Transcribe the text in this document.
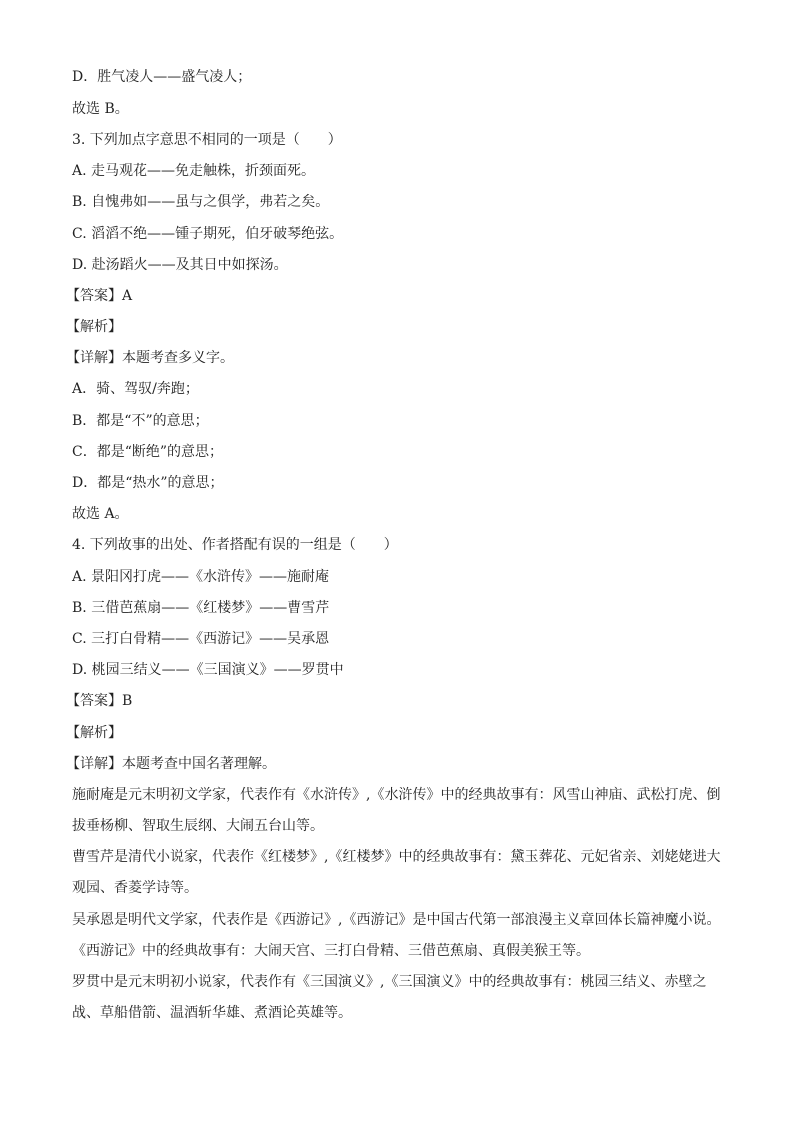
D．胜气凌人——盛气凌人；
故选 B。
3. 下列加点字意思不相同的一项是（　　）
A. 走马观花——免走触株，折颈面死。
B. 自愧弗如——虽与之俱学，弗若之矣。
C. 滔滔不绝——锺子期死，伯牙破琴绝弦。
D. 赴汤蹈火——及其日中如探汤。
【答案】A
【解析】
【详解】本题考查多义字。
A．骑、驾驭/奔跑；
B．都是“不”的意思；
C．都是“断绝”的意思；
D．都是“热水”的意思；
故选 A。
4. 下列故事的出处、作者搭配有误的一组是（　　）
A. 景阳冈打虎——《水浒传》——施耐庵
B. 三借芭蕉扇——《红楼梦》——曹雪芹
C. 三打白骨精——《西游记》——吴承恩
D. 桃园三结义——《三国演义》——罗贯中
【答案】B
【解析】
【详解】本题考查中国名著理解。
施耐庵是元末明初文学家，代表作有《水浒传》,《水浒传》中的经典故事有：风雪山神庙、武松打虎、倒拔垂杨柳、智取生辰纲、大闹五台山等。
曹雪芹是清代小说家，代表作《红楼梦》,《红楼梦》中的经典故事有：黛玉葬花、元妃省亲、刘姥姥进大观园、香菱学诗等。
吴承恩是明代文学家，代表作是《西游记》,《西游记》是中国古代第一部浪漫主义章回体长篇神魔小说。
《西游记》中的经典故事有：大闹天宫、三打白骨精、三借芭蕉扇、真假美猴王等。
罗贯中是元末明初小说家，代表作有《三国演义》,《三国演义》中的经典故事有：桃园三结义、赤壁之战、草船借箭、温酒斩华雄、煮酒论英雄等。
